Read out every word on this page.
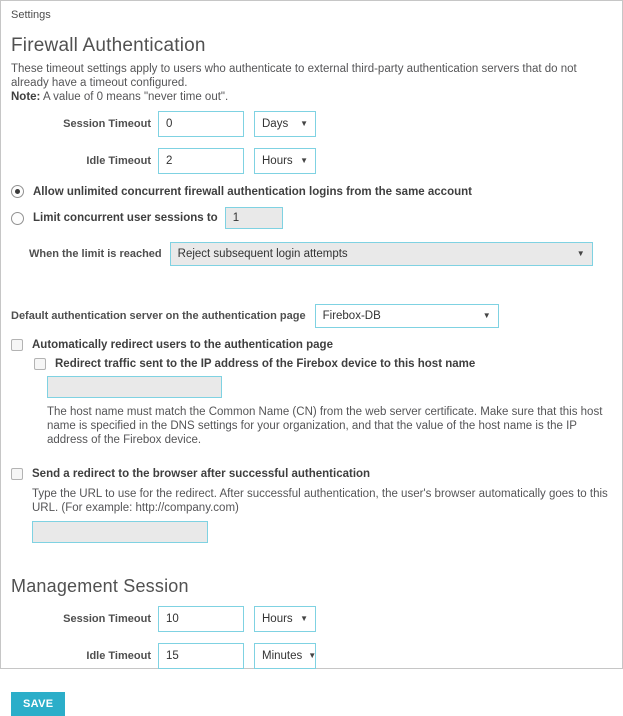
Settings
Firewall Authentication

These timeout settings apply to users who authenticate to external third-party authentication servers that do not already have a timeout configured.

Note: A value of 0 means "never time out".

Session Timeout
0	Days ▼
Idle Timeout
2	Hours ▼
Allow unlimited concurrent firewall authentication logins from the same account
Limit concurrent user sessions to
1
When the limit is reached Reject subsequent login attempts	▼
Default authentication server on the authentication page Firebox-DB	▼
Automatically redirect users to the authentication page
Redirect traffic sent to the IP address of the Firebox device to this host name

The host name must match the Common Name (CN) from the web server certificate. Make sure that this host name is specified in the DNS settings for your organization, and that the value of the host name is the IP address of the Firebox device.

Send a redirect to the browser after successful authentication

Type the URL to use for the redirect. After successful authentication, the user's browser automatically goes to this URL. (For example: http://company.com)

Management Session
Session Timeout
10	Hours ▼
Idle Timeout
15	Minutes ▼
SAVE
